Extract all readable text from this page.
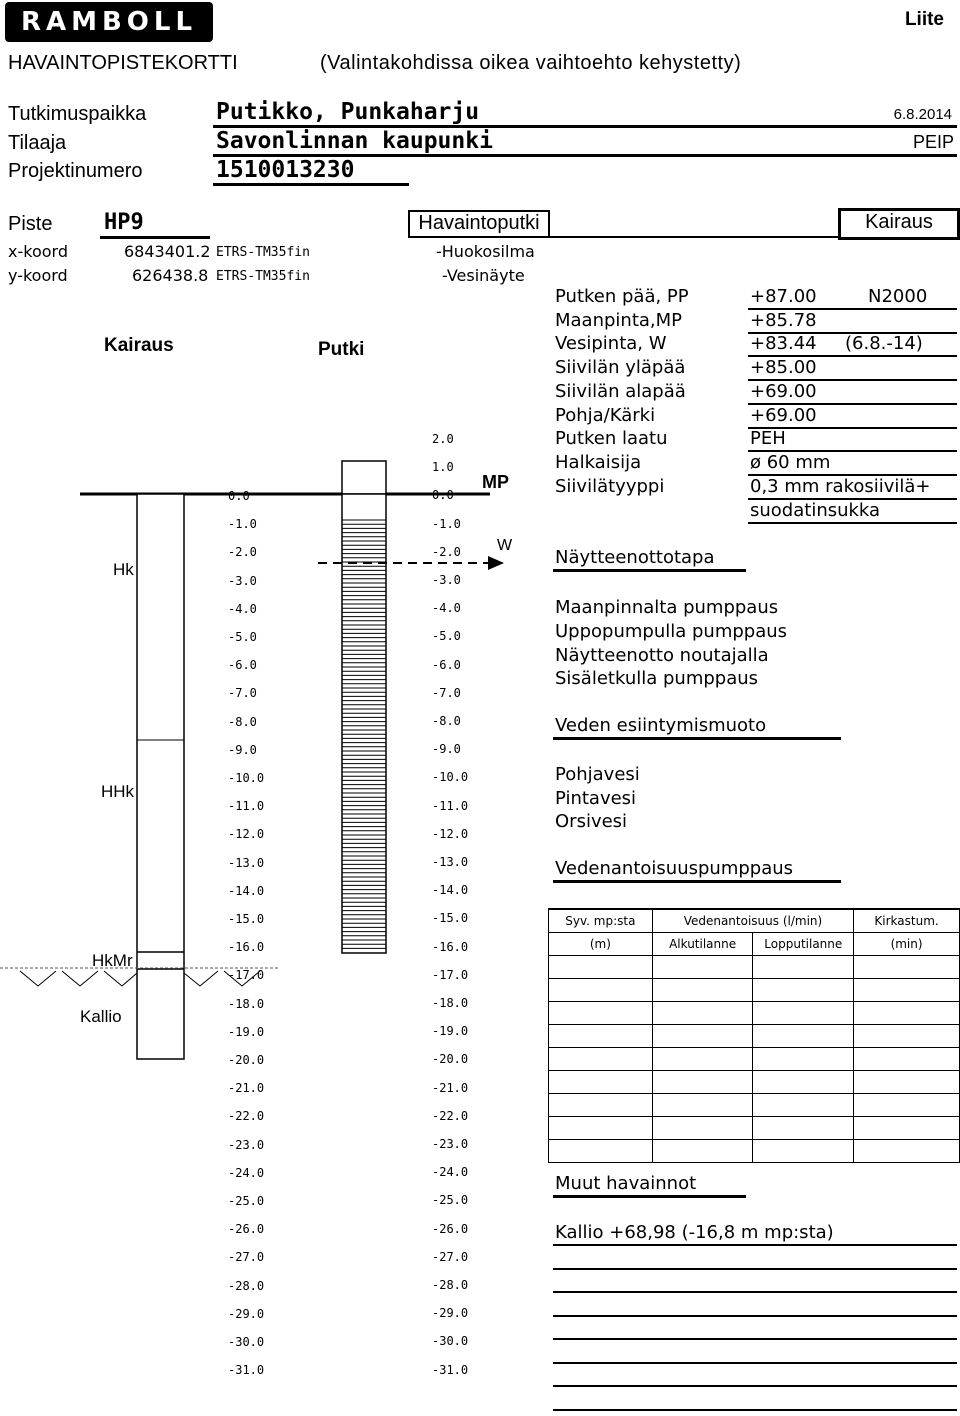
RAMBOLL	Liite
HAVAINTOPISTEKORTTI	(Valintakohdissa oikea vaihtoehto kehystetty)
Tutkimuspaikka	Putikko, Punkaharju	6.8.2014
Tilaaja	Savonlinnan kaupunki	PEIP
Projektinumero	1510013230
Piste HP9	Havaintoputki	Kairaus
x-koord	6843401.2 ETRS-TM35fin	-Huokosilma
y-koord	626438.8 ETRS-TM35fin	-Vesinäyte
Kairaus	Putki
MP
W
Hk
HHk
HkMr
Kallio
0.0
-1.0
-2.0
-3.0
-4.0
-5.0
-6.0
-7.0
-8.0
-9.0
-10.0
-11.0
-12.0
-13.0
-14.0
-15.0
-16.0
-17.0
-18.0
-19.0
-20.0
-21.0
-22.0
-23.0
-24.0
-25.0
-26.0
-27.0
-28.0
-29.0
-30.0
-31.0
2.0
1.0
0.0
-1.0
-2.0
-3.0
-4.0
-5.0
-6.0
-7.0
-8.0
-9.0
-10.0
-11.0
-12.0
-13.0
-14.0
-15.0
-16.0
-17.0
-18.0
-19.0
-20.0
-21.0
-22.0
-23.0
-24.0
-25.0
-26.0
-27.0
-28.0
-29.0
-30.0
-31.0
Putken pää, PP	+87.00	N2000
Maanpinta,MP	+85.78
Vesipinta, W	+83.44 (6.8.-14)
Siivilän yläpää	+85.00
Siivilän alapää	+69.00
Pohja/Kärki	+69.00
Putken laatu	PEH
Halkaisija	ø 60 mm
Siivilätyyppi	0,3 mm rakosiivilä+
suodatinsukka
Näytteenottotapa
Maanpinnalta pumppaus
Uppopumpulla pumppaus
Näytteenotto noutajalla
Sisäletkulla pumppaus
Veden esiintymismuoto
Pohjavesi
Pintavesi
Orsivesi
Vedenantoisuuspumppaus
Syv. mp:sta	Vedenantoisuus (l/min)		Kirkastum.
(m)	Alkutilanne	Lopputilanne	(min)

Muut havainnot
Kallio +68,98 (-16,8 m mp:sta)
